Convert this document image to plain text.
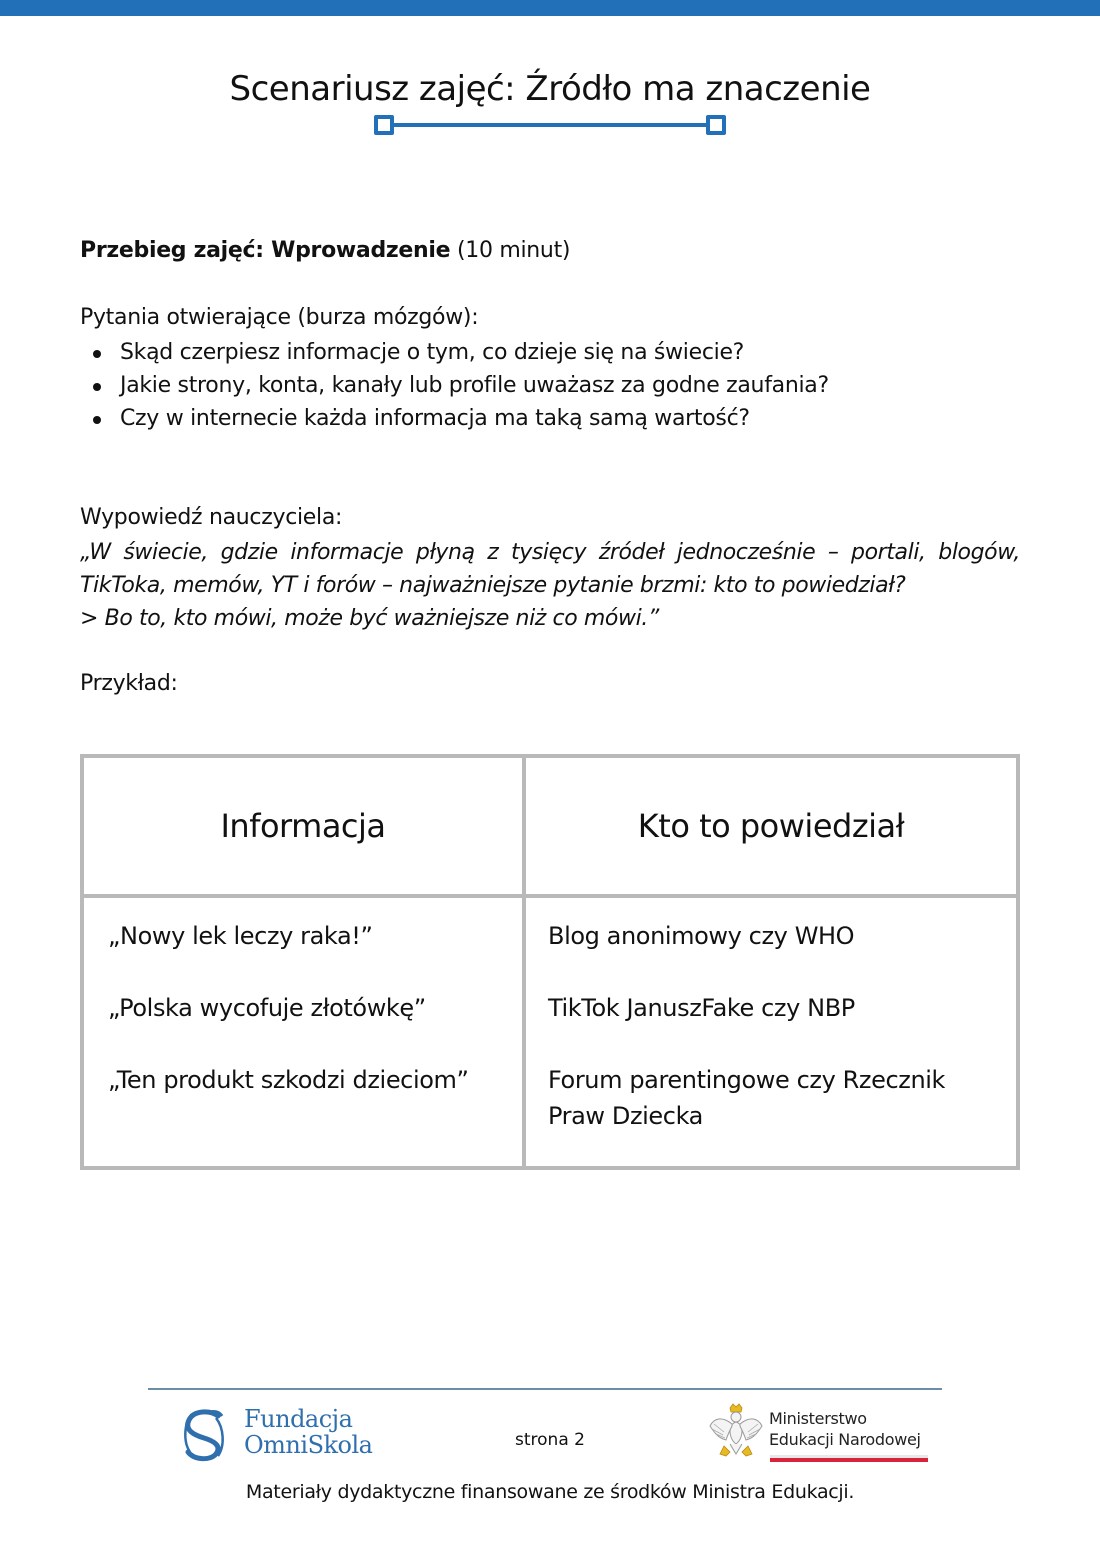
Scenariusz zajęć: Źródło ma znaczenie
Przebieg zajęć: Wprowadzenie (10 minut)
Pytania otwierające (burza mózgów):
Skąd czerpiesz informacje o tym, co dzieje się na świecie?
Jakie strony, konta, kanały lub profile uważasz za godne zaufania?
Czy w internecie każda informacja ma taką samą wartość?
Wypowiedź nauczyciela:
„W świecie, gdzie informacje płyną z tysięcy źródeł jednocześnie – portali, blogów,
TikToka, memów, YT i forów – najważniejsze pytanie brzmi: kto to powiedział?
> Bo to, kto mówi, może być ważniejsze niż co mówi.”
Przykład:
Informacja	Kto to powiedział
„Nowy lek leczy raka!”
„Polska wycofuje złotówkę”
„Ten produkt szkodzi dzieciom”
Blog anonimowy czy WHO
TikTok JanuszFake czy NBP
Forum parentingowe czy Rzecznik Praw Dziecka
Fundacja
OmniSkola	strona 2
Ministerstwo
Edukacji Narodowej
Materiały dydaktyczne finansowane ze środków Ministra Edukacji.
